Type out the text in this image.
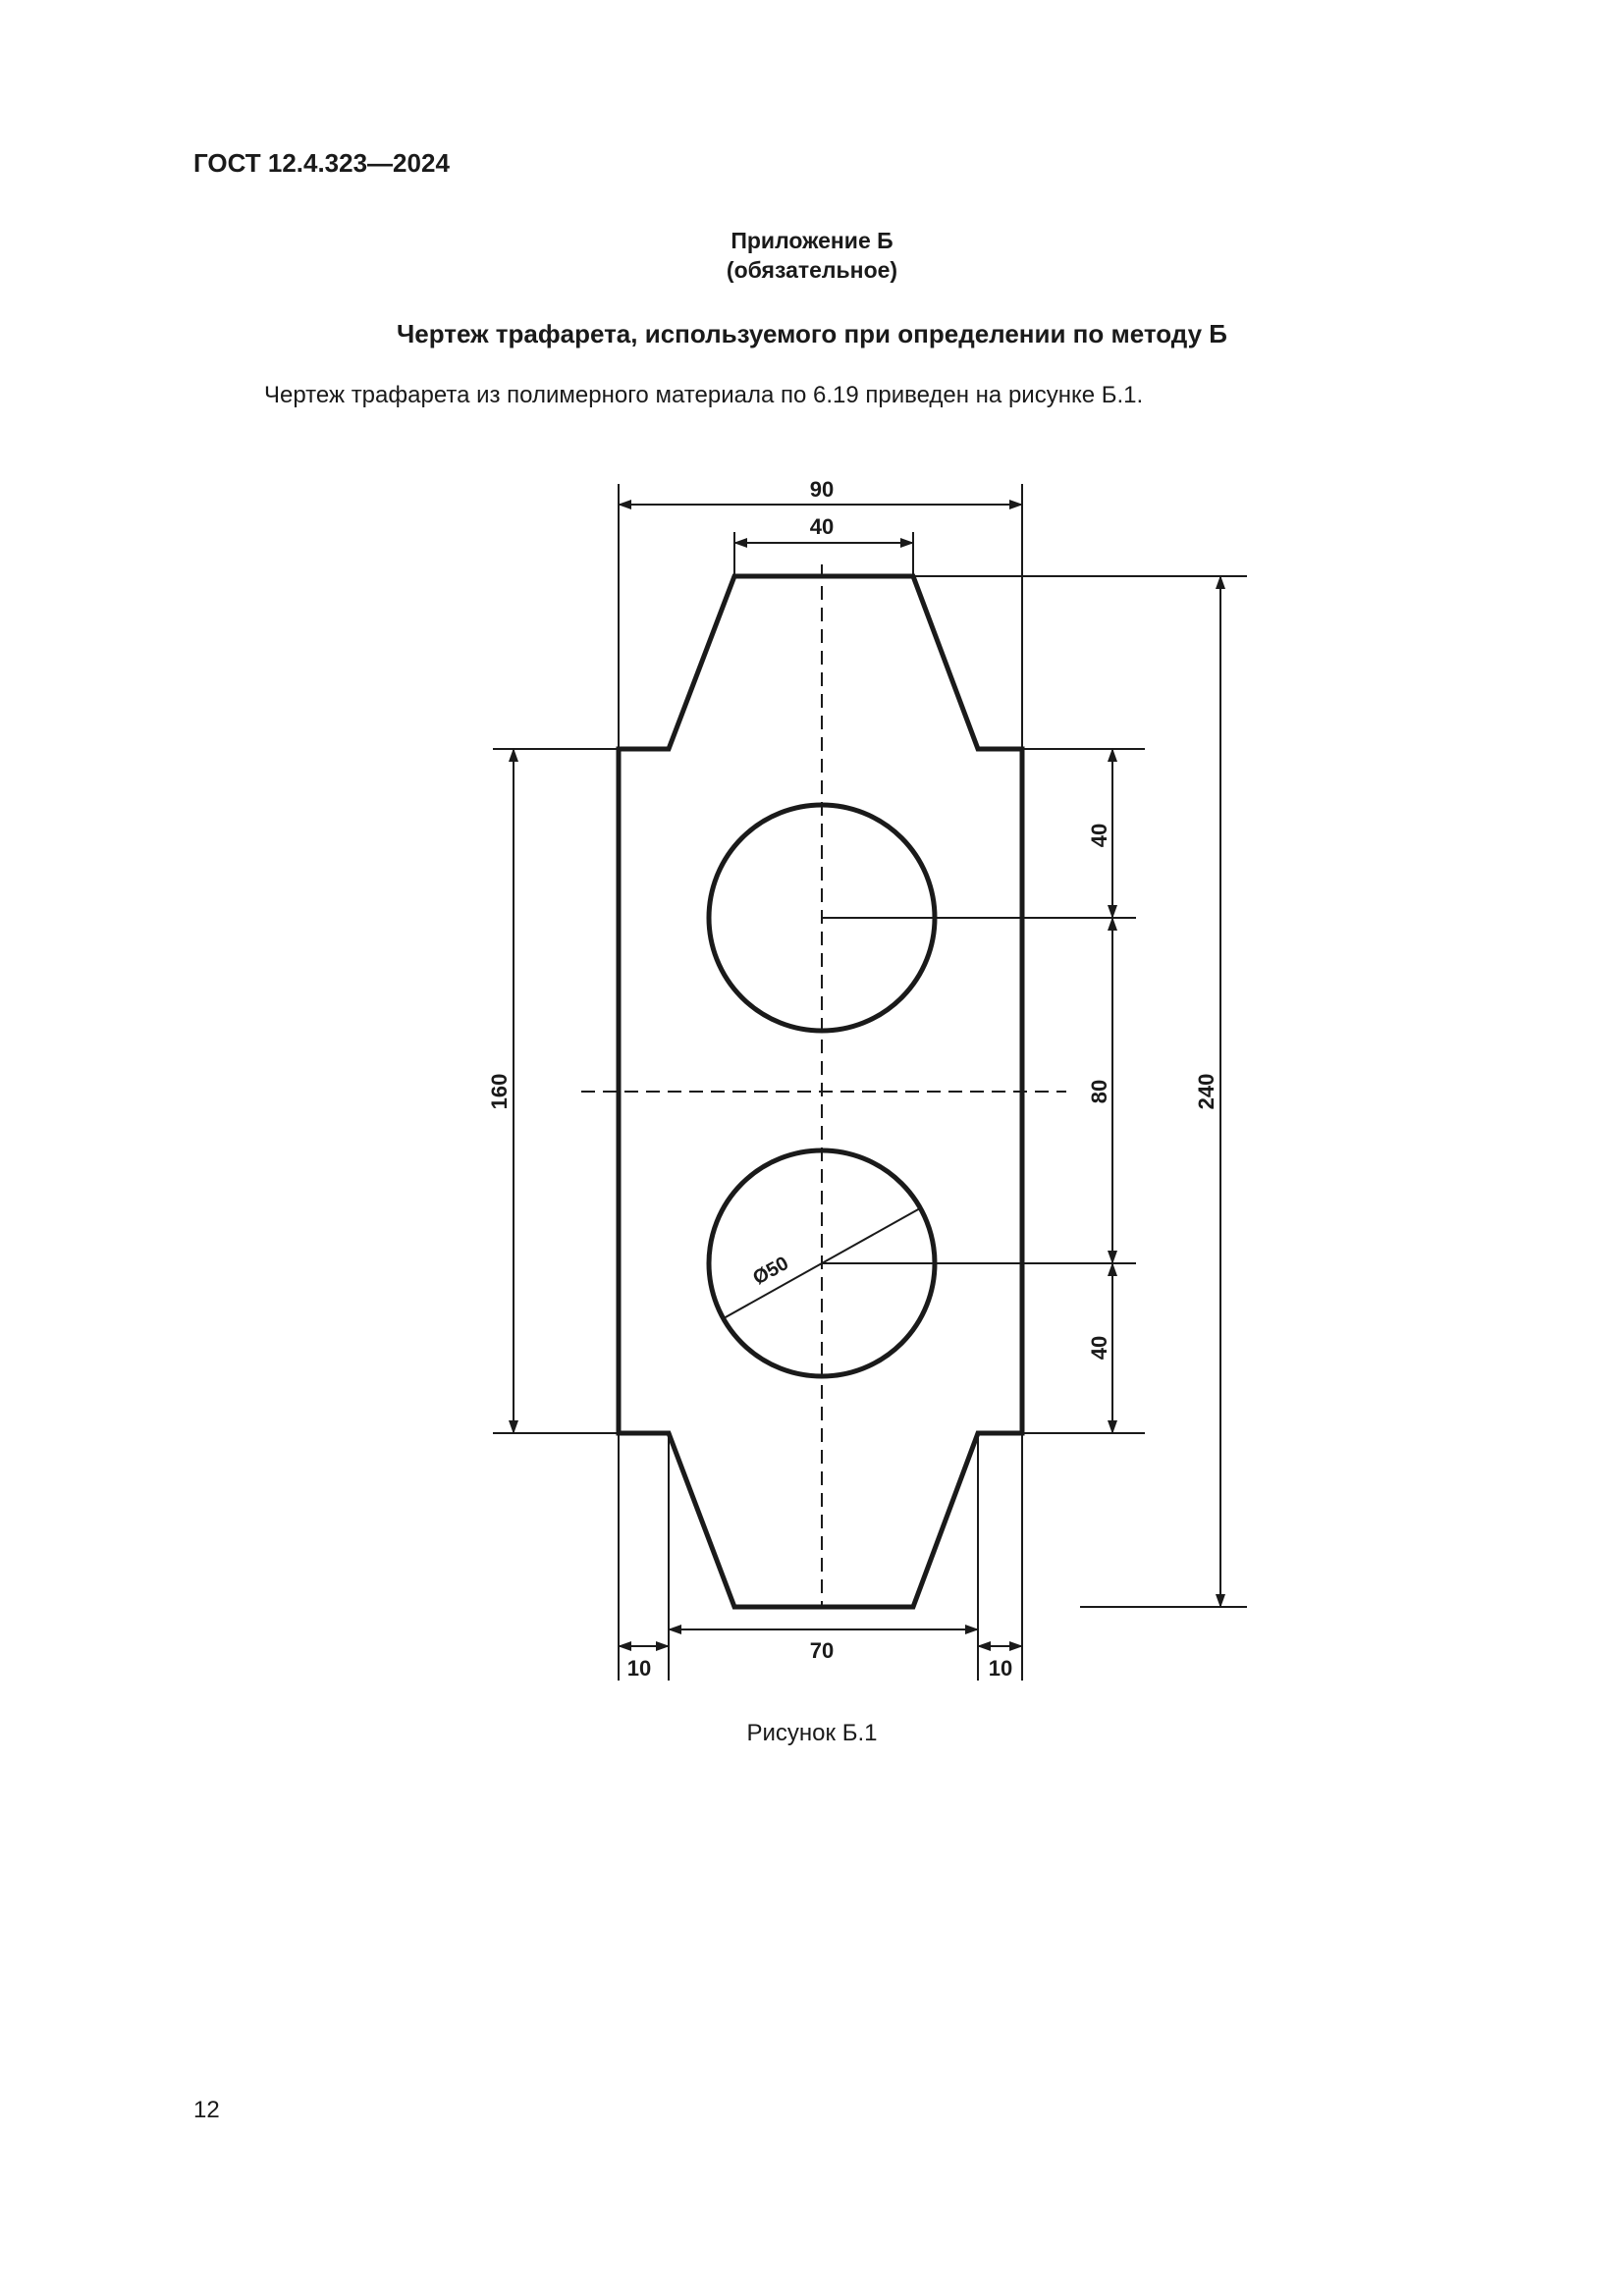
ГОСТ 12.4.323—2024
Приложение Б
(обязательное)
Чертеж трафарета, используемого при определении по методу Б
Чертеж трафарета из полимерного материала по 6.19 приведен на рисунке Б.1.
Ø50
90
40
70
10	10
160
40
80
40
240
Рисунок Б.1
12
